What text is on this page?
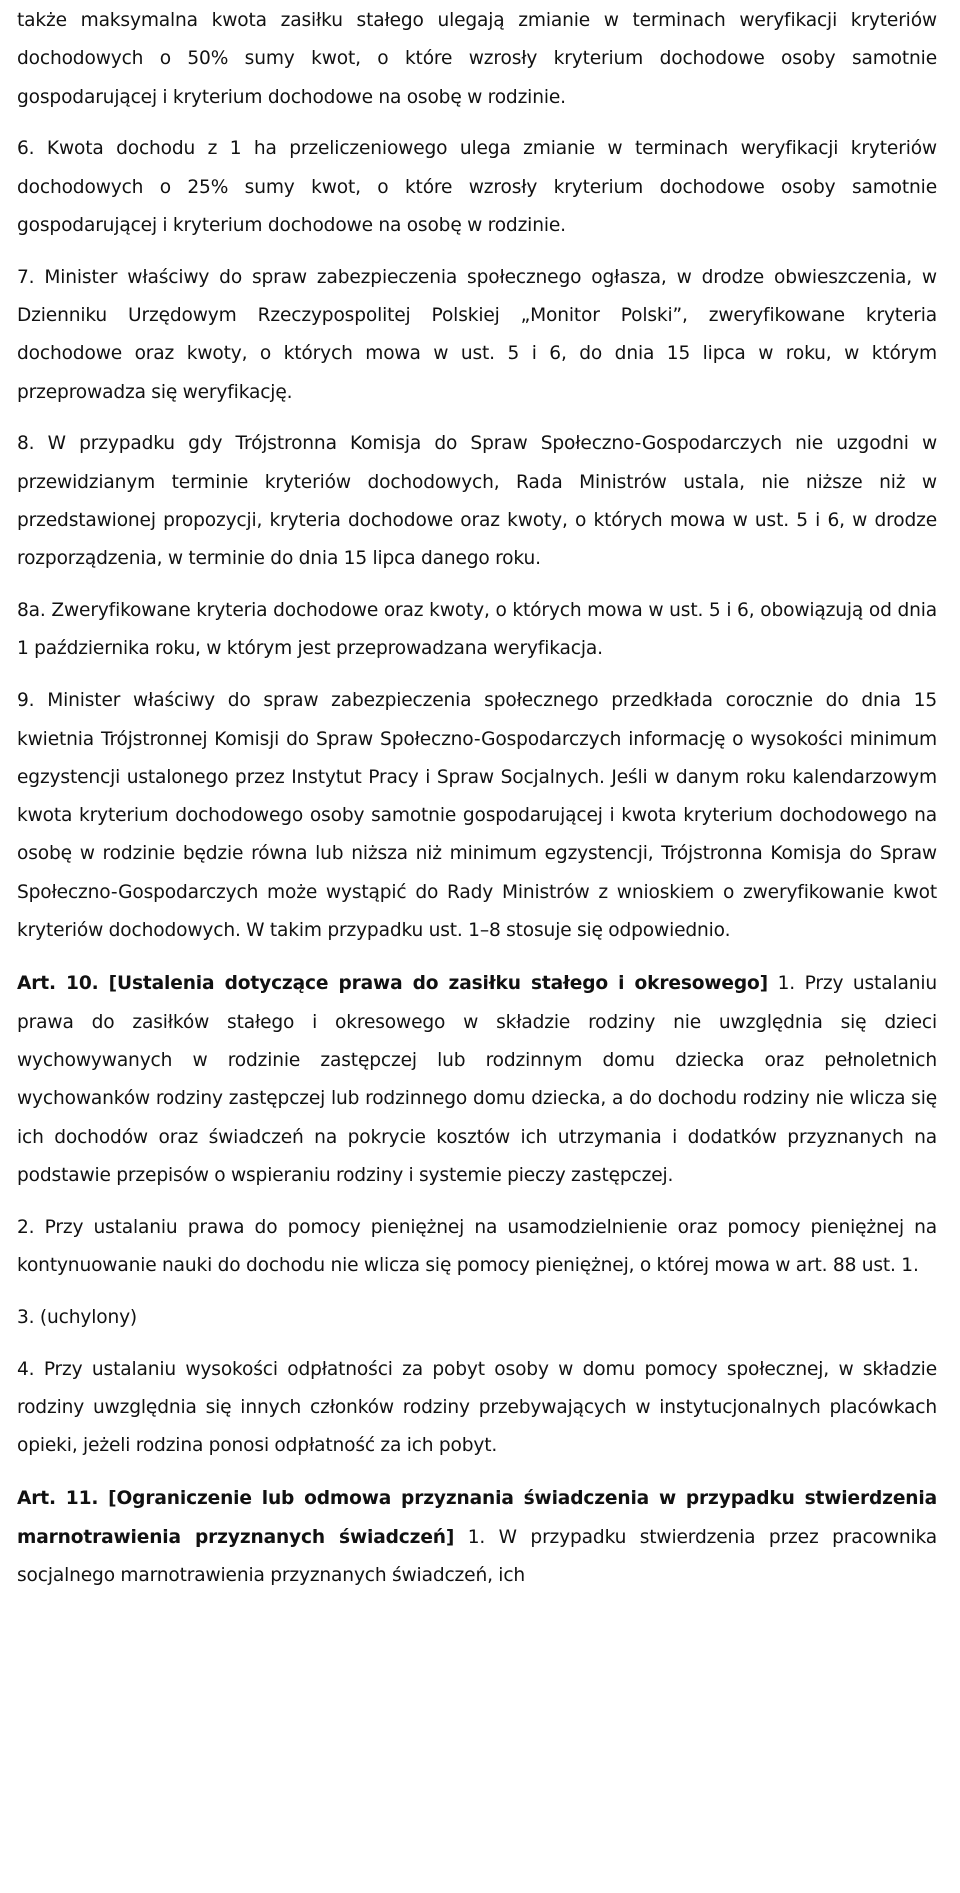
także maksymalna kwota zasiłku stałego ulegają zmianie w terminach weryfikacji kryteriów dochodowych o 50% sumy kwot, o które wzrosły kryterium dochodowe osoby samotnie gospodarującej i kryterium dochodowe na osobę w rodzinie.

6. Kwota dochodu z 1 ha przeliczeniowego ulega zmianie w terminach weryfikacji kryteriów dochodowych o 25% sumy kwot, o które wzrosły kryterium dochodowe osoby samotnie gospodarującej i kryterium dochodowe na osobę w rodzinie.

7. Minister właściwy do spraw zabezpieczenia społecznego ogłasza, w drodze obwieszczenia, w Dzienniku Urzędowym Rzeczypospolitej Polskiej „Monitor Polski”, zweryfikowane kryteria dochodowe oraz kwoty, o których mowa w ust. 5 i 6, do dnia 15 lipca w roku, w którym przeprowadza się weryfikację.

8. W przypadku gdy Trójstronna Komisja do Spraw Społeczno-Gospodarczych nie uzgodni w przewidzianym terminie kryteriów dochodowych, Rada Ministrów ustala, nie niższe niż w przedstawionej propozycji, kryteria dochodowe oraz kwoty, o których mowa w ust. 5 i 6, w drodze rozporządzenia, w terminie do dnia 15 lipca danego roku.

8a. Zweryfikowane kryteria dochodowe oraz kwoty, o których mowa w ust. 5 i 6, obowiązują od dnia 1 października roku, w którym jest przeprowadzana weryfikacja.

9. Minister właściwy do spraw zabezpieczenia społecznego przedkłada corocznie do dnia 15 kwietnia Trójstronnej Komisji do Spraw Społeczno-Gospodarczych informację o wysokości minimum egzystencji ustalonego przez Instytut Pracy i Spraw Socjalnych. Jeśli w danym roku kalendarzowym kwota kryterium dochodowego osoby samotnie gospodarującej i kwota kryterium dochodowego na osobę w rodzinie będzie równa lub niższa niż minimum egzystencji, Trójstronna Komisja do Spraw Społeczno-Gospodarczych może wystąpić do Rady Ministrów z wnioskiem o zweryfikowanie kwot kryteriów dochodowych. W takim przypadku ust. 1–8 stosuje się odpowiednio.

Art. 10. [Ustalenia dotyczące prawa do zasiłku stałego i okresowego] 1. Przy ustalaniu prawa do zasiłków stałego i okresowego w składzie rodziny nie uwzględnia się dzieci wychowywanych w rodzinie zastępczej lub rodzinnym domu dziecka oraz pełnoletnich wychowanków rodziny zastępczej lub rodzinnego domu dziecka, a do dochodu rodziny nie wlicza się ich dochodów oraz świadczeń na pokrycie kosztów ich utrzymania i dodatków przyznanych na podstawie przepisów o wspieraniu rodziny i systemie pieczy zastępczej.

2. Przy ustalaniu prawa do pomocy pieniężnej na usamodzielnienie oraz pomocy pieniężnej na kontynuowanie nauki do dochodu nie wlicza się pomocy pieniężnej, o której mowa w art. 88 ust. 1.

3. (uchylony)

4. Przy ustalaniu wysokości odpłatności za pobyt osoby w domu pomocy społecznej, w składzie rodziny uwzględnia się innych członków rodziny przebywających w instytucjonalnych placówkach opieki, jeżeli rodzina ponosi odpłatność za ich pobyt.

Art. 11. [Ograniczenie lub odmowa przyznania świadczenia w przypadku stwierdzenia marnotrawienia przyznanych świadczeń] 1. W przypadku stwierdzenia przez pracownika socjalnego marnotrawienia przyznanych świadczeń, ich
